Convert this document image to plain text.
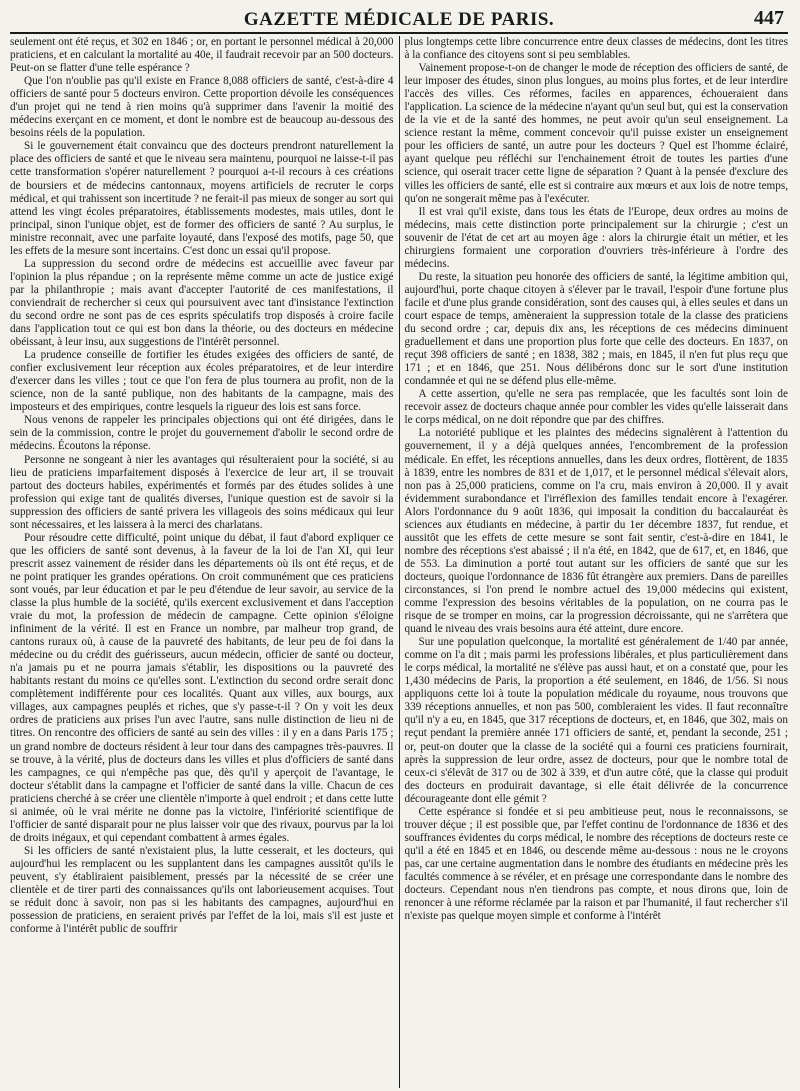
GAZETTE MÉDICALE DE PARIS.	447

seulement ont été reçus, et 302 en 1846 ; or, en portant le personnel médical à 20,000 praticiens, et en calculant la mortalité au 40e, il faudrait recevoir par an 500 docteurs. Peut-on se flatter d'une telle espérance ?

Que l'on n'oublie pas qu'il existe en France 8,088 officiers de santé, c'est-à-dire 4 officiers de santé pour 5 docteurs environ. Cette proportion dévoile les conséquences d'un projet qui ne tend à rien moins qu'à supprimer dans l'avenir la moitié des médecins exerçant en ce moment, et dont le nombre est de beaucoup au-dessous des besoins réels de la population.

Si le gouvernement était convaincu que des docteurs prendront naturellement la place des officiers de santé et que le niveau sera maintenu, pourquoi ne laisse-t-il pas cette transformation s'opérer naturellement ? pourquoi a-t-il recours à ces créations de boursiers et de médecins cantonnaux, moyens artificiels de recruter le corps médical, et qui trahissent son incertitude ? ne ferait-il pas mieux de songer au sort qui attend les vingt écoles préparatoires, établissements modestes, mais utiles, dont le principal, sinon l'unique objet, est de former des officiers de santé ? Au surplus, le ministre reconnait, avec une parfaite loyauté, dans l'exposé des motifs, page 50, que les effets de la mesure sont incertains. C'est donc un essai qu'il propose.

La suppression du second ordre de médecins est accueillie avec faveur par l'opinion la plus répandue ; on la représente même comme un acte de justice exigé par la philanthropie ; mais avant d'accepter l'autorité de ces manifestations, il conviendrait de rechercher si ceux qui poursuivent avec tant d'insistance l'extinction du second ordre ne sont pas de ces esprits spéculatifs trop disposés à croire facile dans l'application tout ce qui est bon dans la théorie, ou des docteurs en médecine obéissant, à leur insu, aux suggestions de l'intérêt personnel.

La prudence conseille de fortifier les études exigées des officiers de santé, de confier exclusivement leur réception aux écoles préparatoires, et de leur interdire d'exercer dans les villes ; tout ce que l'on fera de plus tournera au profit, non de la science, non de la santé publique, non des habitants de la campagne, mais des imposteurs et des empiriques, contre lesquels la rigueur des lois est sans force.

Nous venons de rappeler les principales objections qui ont été dirigées, dans le sein de la commission, contre le projet du gouvernement d'abolir le second ordre de médecins. Écoutons la réponse.

Personne ne songeant à nier les avantages qui résulteraient pour la société, si au lieu de praticiens imparfaitement disposés à l'exercice de leur art, il se trouvait partout des docteurs habiles, expérimentés et formés par des études solides à une profession qui exige tant de qualités diverses, l'unique question est de savoir si la suppression des officiers de santé privera les villageois des soins médicaux qui leur sont nécessaires, et les laissera à la merci des charlatans.

Pour résoudre cette difficulté, point unique du débat, il faut d'abord expliquer ce que les officiers de santé sont devenus, à la faveur de la loi de l'an XI, qui leur prescrit assez vainement de résider dans les départements où ils ont été reçus, et de ne point pratiquer les grandes opérations. On croit communément que ces praticiens sont voués, par leur éducation et par le peu d'étendue de leur savoir, au service de la classe la plus humble de la société, qu'ils exercent exclusivement et dans l'acception vraie du mot, la profession de médecin de campagne. Cette opinion s'éloigne infiniment de la vérité. Il est en France un nombre, par malheur trop grand, de cantons ruraux où, à cause de la pauvreté des habitants, de leur peu de foi dans la médecine ou du crédit des guérisseurs, aucun médecin, officier de santé ou docteur, n'a jamais pu et ne pourra jamais s'établir, les dispositions ou la pauvreté des habitants restant du moins ce qu'elles sont. L'extinction du second ordre serait donc complètement indifférente pour ces localités. Quant aux villes, aux bourgs, aux villages, aux campagnes peuplés et riches, que s'y passe-t-il ? On y voit les deux ordres de praticiens aux prises l'un avec l'autre, sans nulle distinction de lieu ni de titres. On rencontre des officiers de santé au sein des villes : il y en a dans Paris 175 ; un grand nombre de docteurs résident à leur tour dans des campagnes très-pauvres. Il se trouve, à la vérité, plus de docteurs dans les villes et plus d'officiers de santé dans les campagnes, ce qui n'empêche pas que, dès qu'il y aperçoit de l'avantage, le docteur s'établit dans la campagne et l'officier de santé dans la ville. Chacun de ces praticiens cherché à se créer une clientèle n'importe à quel endroit ; et dans cette lutte si animée, où le vrai mérite ne donne pas la victoire, l'infériorité scientifique de l'officier de santé disparait pour ne plus laisser voir que des rivaux, pourvus par la loi de droits inégaux, et qui cependant combattent à armes égales.

Si les officiers de santé n'existaient plus, la lutte cesserait, et les docteurs, qui aujourd'hui les remplacent ou les supplantent dans les campagnes aussitôt qu'ils le peuvent, s'y établiraient paisiblement, pressés par la nécessité de se créer une clientèle et de tirer parti des connaissances qu'ils ont laborieusement acquises. Tout se réduit donc à savoir, non pas si les habitants des campagnes, aujourd'hui en possession de praticiens, en seraient privés par l'effet de la loi, mais s'il est juste et conforme à l'intérêt public de souffrir

plus longtemps cette libre concurrence entre deux classes de médecins, dont les titres à la confiance des citoyens sont si peu semblables.

Vainement propose-t-on de changer le mode de réception des officiers de santé, de leur imposer des études, sinon plus longues, au moins plus fortes, et de leur interdire l'accès des villes. Ces réformes, faciles en apparences, échoueraient dans l'application. La science de la médecine n'ayant qu'un seul but, qui est la conservation de la vie et de la santé des hommes, ne peut avoir qu'un seul enseignement. La science restant la même, comment concevoir qu'il puisse exister un enseignement pour les officiers de santé, un autre pour les docteurs ? Quel est l'homme éclairé, ayant quelque peu réfléchi sur l'enchainement étroit de toutes les parties d'une science, qui oserait tracer cette ligne de séparation ? Quant à la pensée d'exclure des villes les officiers de santé, elle est si contraire aux mœurs et aux lois de notre temps, qu'on ne songerait même pas à l'exécuter.

Il est vrai qu'il existe, dans tous les états de l'Europe, deux ordres au moins de médecins, mais cette distinction porte principalement sur la chirurgie ; c'est un souvenir de l'état de cet art au moyen âge : alors la chirurgie était un métier, et les chirurgiens formaient une corporation d'ouvriers très-inférieure à l'ordre des médecins.

Du reste, la situation peu honorée des officiers de santé, la légitime ambition qui, aujourd'hui, porte chaque citoyen à s'élever par le travail, l'espoir d'une fortune plus facile et d'une plus grande considération, sont des causes qui, à elles seules et dans un court espace de temps, amèneraient la suppression totale de la classe des praticiens du second ordre ; car, depuis dix ans, les réceptions de ces médecins diminuent graduellement et dans une proportion plus forte que celle des docteurs. En 1837, on reçut 398 officiers de santé ; en 1838, 382 ; mais, en 1845, il n'en fut plus reçu que 171 ; et en 1846, que 251. Nous délibérons donc sur le sort d'une institution condamnée et qui ne se défend plus elle-même.

A cette assertion, qu'elle ne sera pas remplacée, que les facultés sont loin de recevoir assez de docteurs chaque année pour combler les vides qu'elle laisserait dans le corps médical, on ne doit répondre que par des chiffres.

La notoriété publique et les plaintes des médecins signalèrent à l'attention du gouvernement, il y a déjà quelques années, l'encombrement de la profession médicale. En effet, les réceptions annuelles, dans les deux ordres, flottèrent, de 1835 à 1839, entre les nombres de 831 et de 1,017, et le personnel médical s'élevait alors, non pas à 25,000 praticiens, comme on l'a cru, mais environ à 20,000. Il y avait évidemment surabondance et l'irréflexion des familles tendait encore à l'exagérer. Alors l'ordonnance du 9 août 1836, qui imposait la condition du baccalauréat ès sciences aux étudiants en médecine, à partir du 1er décembre 1837, fut rendue, et aussitôt que les effets de cette mesure se sont fait sentir, c'est-à-dire en 1841, le nombre des réceptions s'est abaissé ; il n'a été, en 1842, que de 617, et, en 1846, que de 553. La diminution a porté tout autant sur les officiers de santé que sur les docteurs, quoique l'ordonnance de 1836 fût étrangère aux premiers. Dans de pareilles circonstances, si l'on prend le nombre actuel des 19,000 médecins qui existent, comme l'expression des besoins véritables de la population, on ne courra pas le risque de se tromper en moins, car la progression décroissante, qui ne s'arrêtera que quand le niveau des vrais besoins aura été atteint, dure encore.

Sur une population quelconque, la mortalité est généralement de 1/40 par année, comme on l'a dit ; mais parmi les professions libérales, et plus particulièrement dans le corps médical, la mortalité ne s'élève pas aussi haut, et on a constaté que, pour les 1,430 médecins de Paris, la proportion a été seulement, en 1846, de 1/56. Si nous appliquons cette loi à toute la population médicale du royaume, nous trouvons que 339 réceptions annuelles, et non pas 500, combleraient les vides. Il faut reconnaître qu'il n'y a eu, en 1845, que 317 réceptions de docteurs, et, en 1846, que 302, mais on reçut pendant la première année 171 officiers de santé, et, pendant la seconde, 251 ; or, peut-on douter que la classe de la société qui a fourni ces praticiens fournirait, après la suppression de leur ordre, assez de docteurs, pour que le nombre total de ceux-ci s'élevât de 317 ou de 302 à 339, et d'un autre côté, que la classe qui produit des docteurs en produirait davantage, si elle était délivrée de la concurrence décourageante dont elle gémit ?

Cette espérance si fondée et si peu ambitieuse peut, nous le reconnaissons, se trouver déçue ; il est possible que, par l'effet continu de l'ordonnance de 1836 et des souffrances évidentes du corps médical, le nombre des réceptions de docteurs reste ce qu'il a été en 1845 et en 1846, ou descende même au-dessous : nous ne le croyons pas, car une certaine augmentation dans le nombre des étudiants en médecine près les facultés commence à se révéler, et en présage une correspondante dans le nombre des docteurs. Cependant nous n'en tiendrons pas compte, et nous dirons que, loin de renoncer à une réforme réclamée par la raison et par l'humanité, il faut rechercher s'il n'existe pas quelque moyen simple et conforme à l'intérêt
